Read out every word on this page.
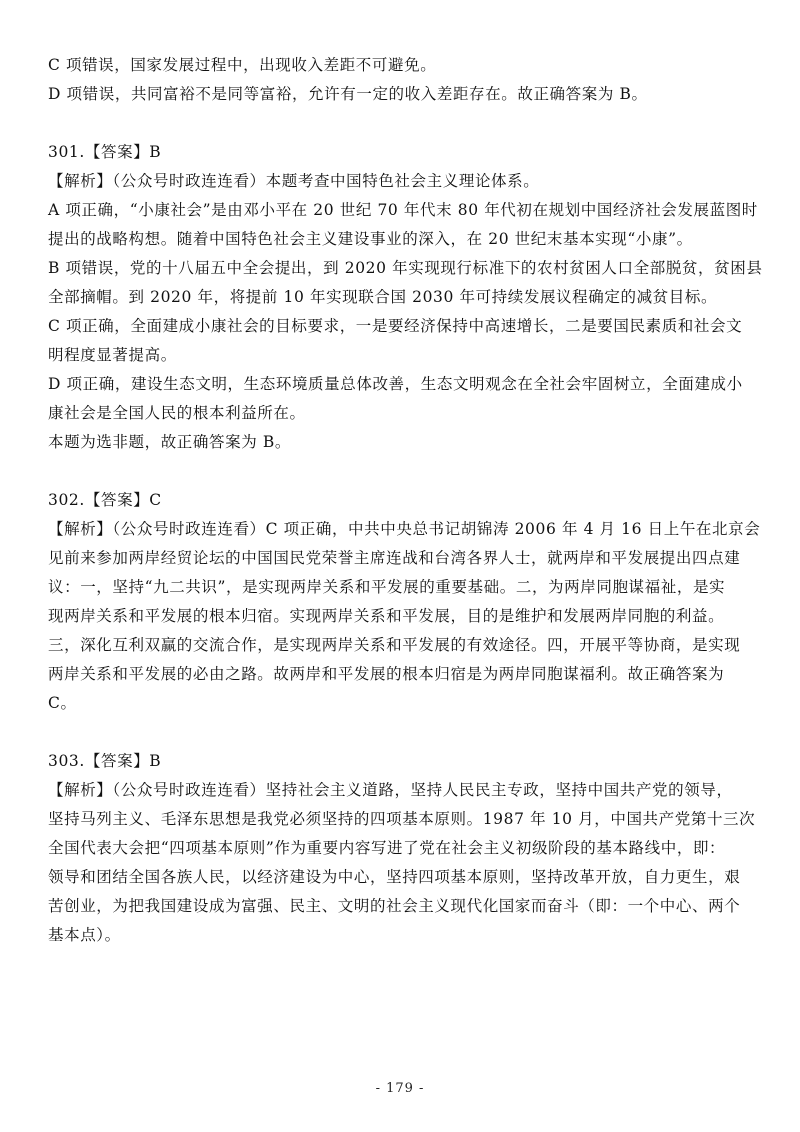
C 项错误，国家发展过程中，出现收入差距不可避免。
D 项错误，共同富裕不是同等富裕，允许有一定的收入差距存在。故正确答案为 B。
301.【答案】B
【解析】（公众号时政连连看）本题考查中国特色社会主义理论体系。
A 项正确，“小康社会”是由邓小平在 20 世纪 70 年代末 80 年代初在规划中国经济社会发展蓝图时
提出的战略构想。随着中国特色社会主义建设事业的深入，在 20 世纪末基本实现“小康”。
B 项错误，党的十八届五中全会提出，到 2020 年实现现行标准下的农村贫困人口全部脱贫，贫困县
全部摘帽。到 2020 年，将提前 10 年实现联合国 2030 年可持续发展议程确定的减贫目标。
C 项正确，全面建成小康社会的目标要求，一是要经济保持中高速增长，二是要国民素质和社会文
明程度显著提高。
D 项正确，建设生态文明，生态环境质量总体改善，生态文明观念在全社会牢固树立，全面建成小
康社会是全国人民的根本利益所在。
本题为选非题，故正确答案为 B。
302.【答案】C
【解析】（公众号时政连连看）C 项正确，中共中央总书记胡锦涛 2006 年 4 月 16 日上午在北京会
见前来参加两岸经贸论坛的中国国民党荣誉主席连战和台湾各界人士，就两岸和平发展提出四点建
议：一，坚持“九二共识”，是实现两岸关系和平发展的重要基础。二，为两岸同胞谋福祉，是实
现两岸关系和平发展的根本归宿。实现两岸关系和平发展，目的是维护和发展两岸同胞的利益。
三，深化互利双赢的交流合作，是实现两岸关系和平发展的有效途径。四，开展平等协商，是实现
两岸关系和平发展的必由之路。故两岸和平发展的根本归宿是为两岸同胞谋福利。故正确答案为
C。
303.【答案】B
【解析】（公众号时政连连看）坚持社会主义道路，坚持人民民主专政，坚持中国共产党的领导，
坚持马列主义、毛泽东思想是我党必须坚持的四项基本原则。1987 年 10 月，中国共产党第十三次
全国代表大会把“四项基本原则”作为重要内容写进了党在社会主义初级阶段的基本路线中，即：
领导和团结全国各族人民，以经济建设为中心，坚持四项基本原则，坚持改革开放，自力更生，艰
苦创业，为把我国建设成为富强、民主、文明的社会主义现代化国家而奋斗（即：一个中心、两个
基本点）。
- 179 -
